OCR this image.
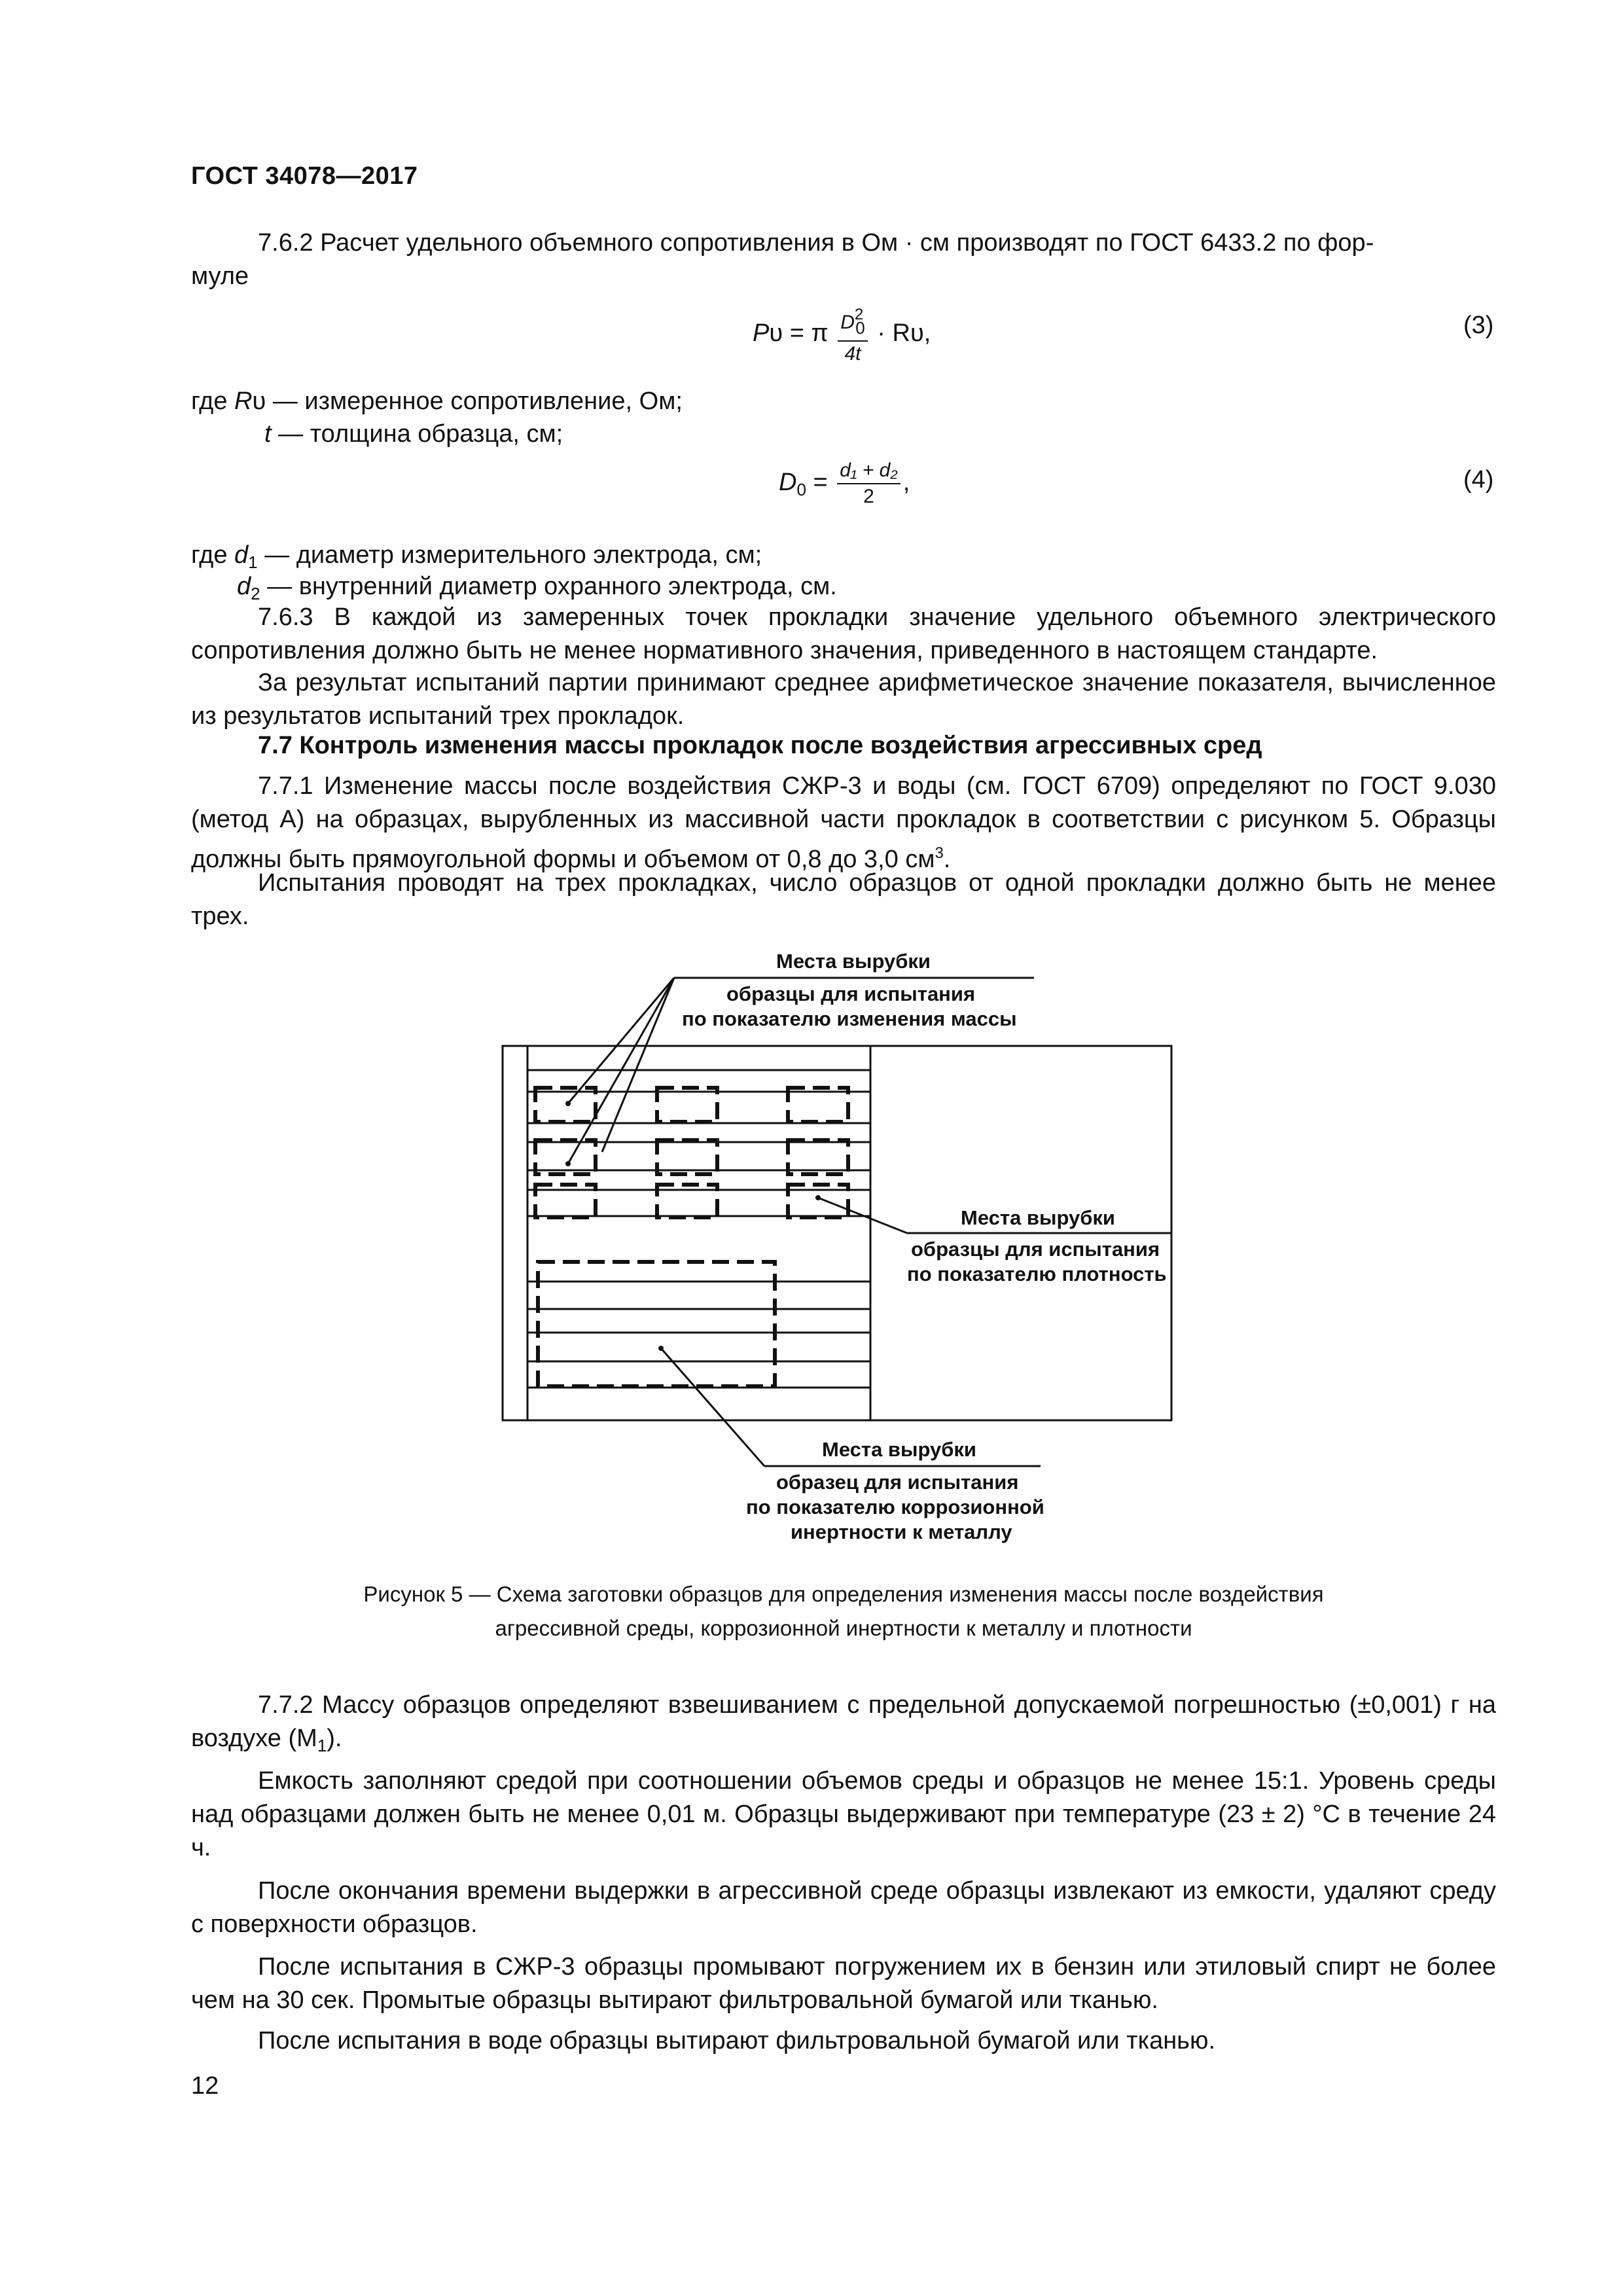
ГОСТ 34078—2017
7.6.2 Расчет удельного объемного сопротивления в Ом · см производят по ГОСТ 6433.2 по фор-
муле
Pυ = π $\frac{D^20}{4t} \cdot R\upsilon$,	(3)
где Rυ — измеренное сопротивление, Ом;
t — толщина образца, см;
$D_0 = \frac{\text{d₁ + d₂}}{2}$ ,	(4)
где $d_1$ — диаметр измерительного электрода, см;
$d_2$ — внутренний диаметр охранного электрода, см.
7.6.3 В каждой из замеренных точек прокладки значение удельного объемного электрического сопротивления должно быть не менее нормативного значения, приведенного в настоящем стандарте.
За результат испытаний партии принимают среднее арифметическое значение показателя, вычисленное из результатов испытаний трех прокладок.
7.7 Контроль изменения массы прокладок после воздействия агрессивных сред
7.7.1 Изменение массы после воздействия СЖР-3 и воды (см. ГОСТ 6709) определяют по ГОСТ 9.030 (метод А) на образцах, вырубленных из массивной части прокладок в соответствии с рисунком 5. Образцы должны быть прямоугольной формы и объемом от 0,8 до 3,0 $см^3$.
Испытания проводят на трех прокладках, число образцов от одной прокладки должно быть не менее трех.
Места вырубки
образцы для испытания
по показателю изменения массы
Места вырубки
образцы для испытания
по показателю плотность
Места вырубки
образец для испытания
по показателю коррозионной
инертности к металлу
Рисунок 5 — Схема заготовки образцов для определения изменения массы после воздействия
агрессивной среды, коррозионной инертности к металлу и плотности
7.7.2 Массу образцов определяют взвешиванием с предельной допускаемой погрешностью (±0,001) г на воздухе $(М_1)$.
Емкость заполняют средой при соотношении объемов среды и образцов не менее 15:1. Уровень среды над образцами должен быть не менее 0,01 м. Образцы выдерживают при температуре (23 ± 2) °С в течение 24 ч.
После окончания времени выдержки в агрессивной среде образцы извлекают из емкости, удаляют среду с поверхности образцов.
После испытания в СЖР-3 образцы промывают погружением их в бензин или этиловый спирт не более чем на 30 сек. Промытые образцы вытирают фильтровальной бумагой или тканью.
После испытания в воде образцы вытирают фильтровальной бумагой или тканью.
12
